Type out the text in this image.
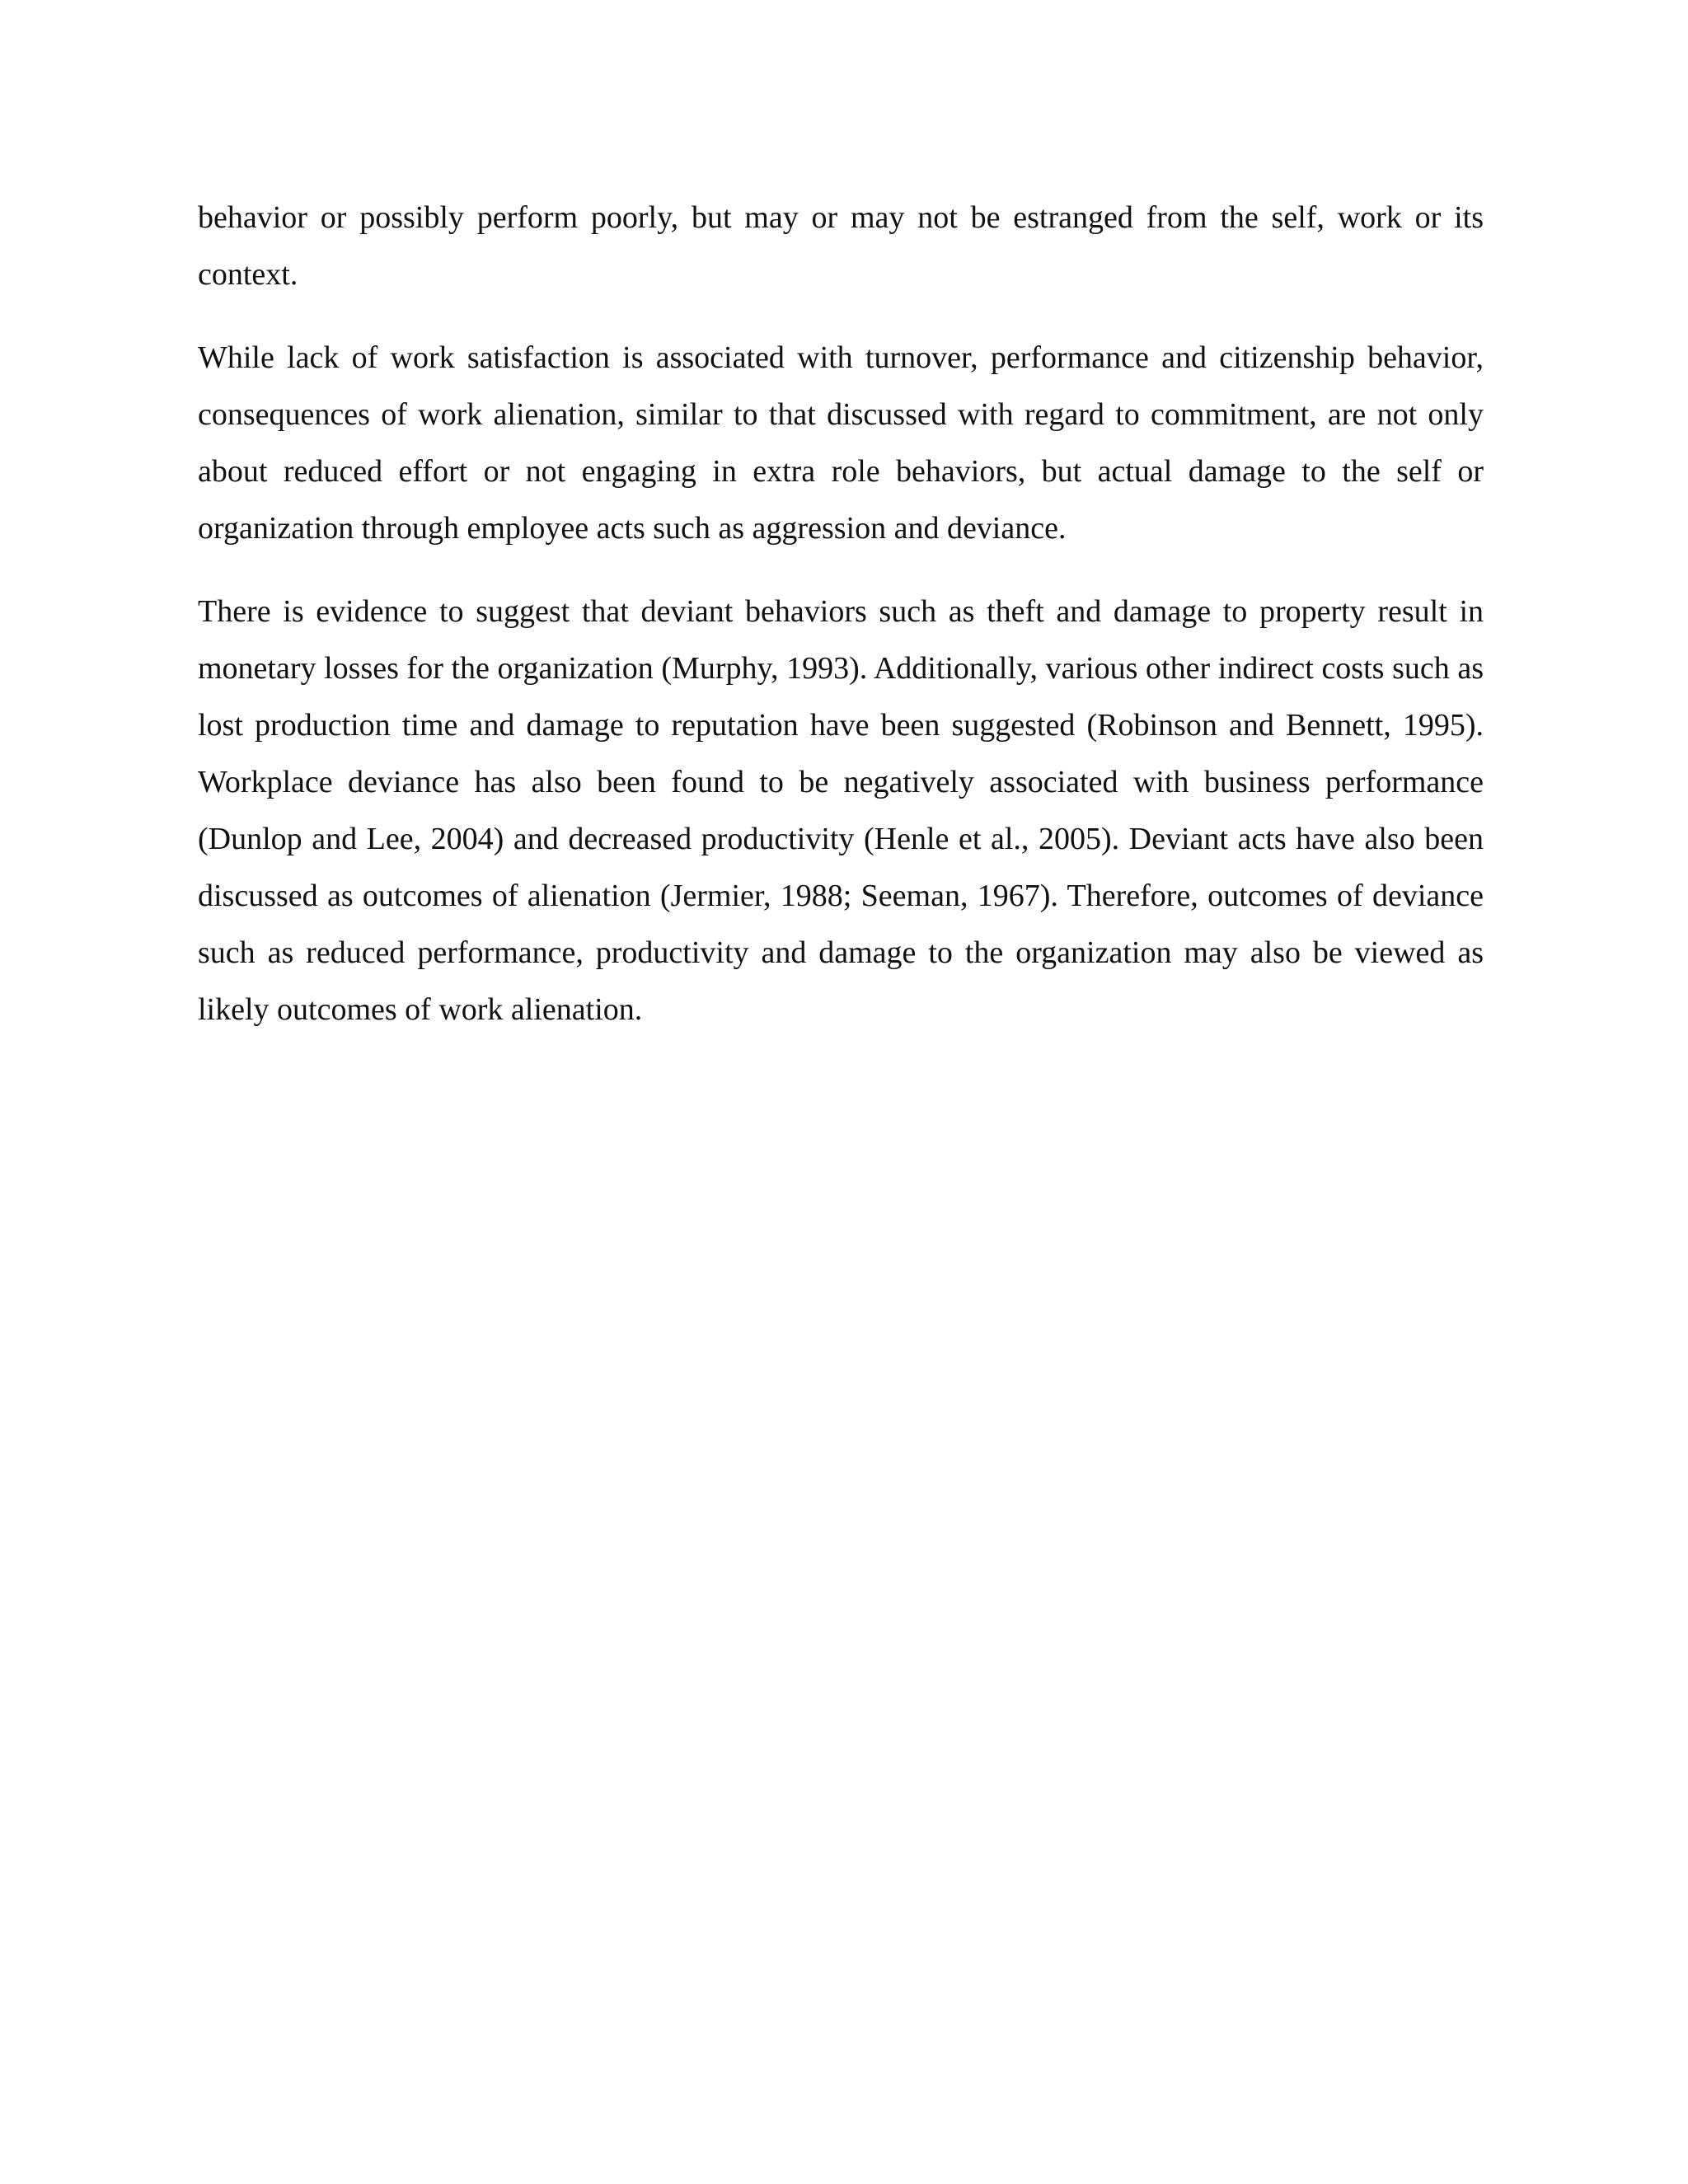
behavior or possibly perform poorly, but may or may not be estranged from the self, work or its context.

While lack of work satisfaction is associated with turnover, performance and citizenship behavior, consequences of work alienation, similar to that discussed with regard to commitment, are not only about reduced effort or not engaging in extra role behaviors, but actual damage to the self or organization through employee acts such as aggression and deviance.

There is evidence to suggest that deviant behaviors such as theft and damage to property result in monetary losses for the organization (Murphy, 1993). Additionally, various other indirect costs such as lost production time and damage to reputation have been suggested (Robinson and Bennett, 1995). Workplace deviance has also been found to be negatively associated with business performance (Dunlop and Lee, 2004) and decreased productivity (Henle et al., 2005). Deviant acts have also been discussed as outcomes of alienation (Jermier, 1988; Seeman, 1967). Therefore, outcomes of deviance such as reduced performance, productivity and damage to the organization may also be viewed as likely outcomes of work alienation.
